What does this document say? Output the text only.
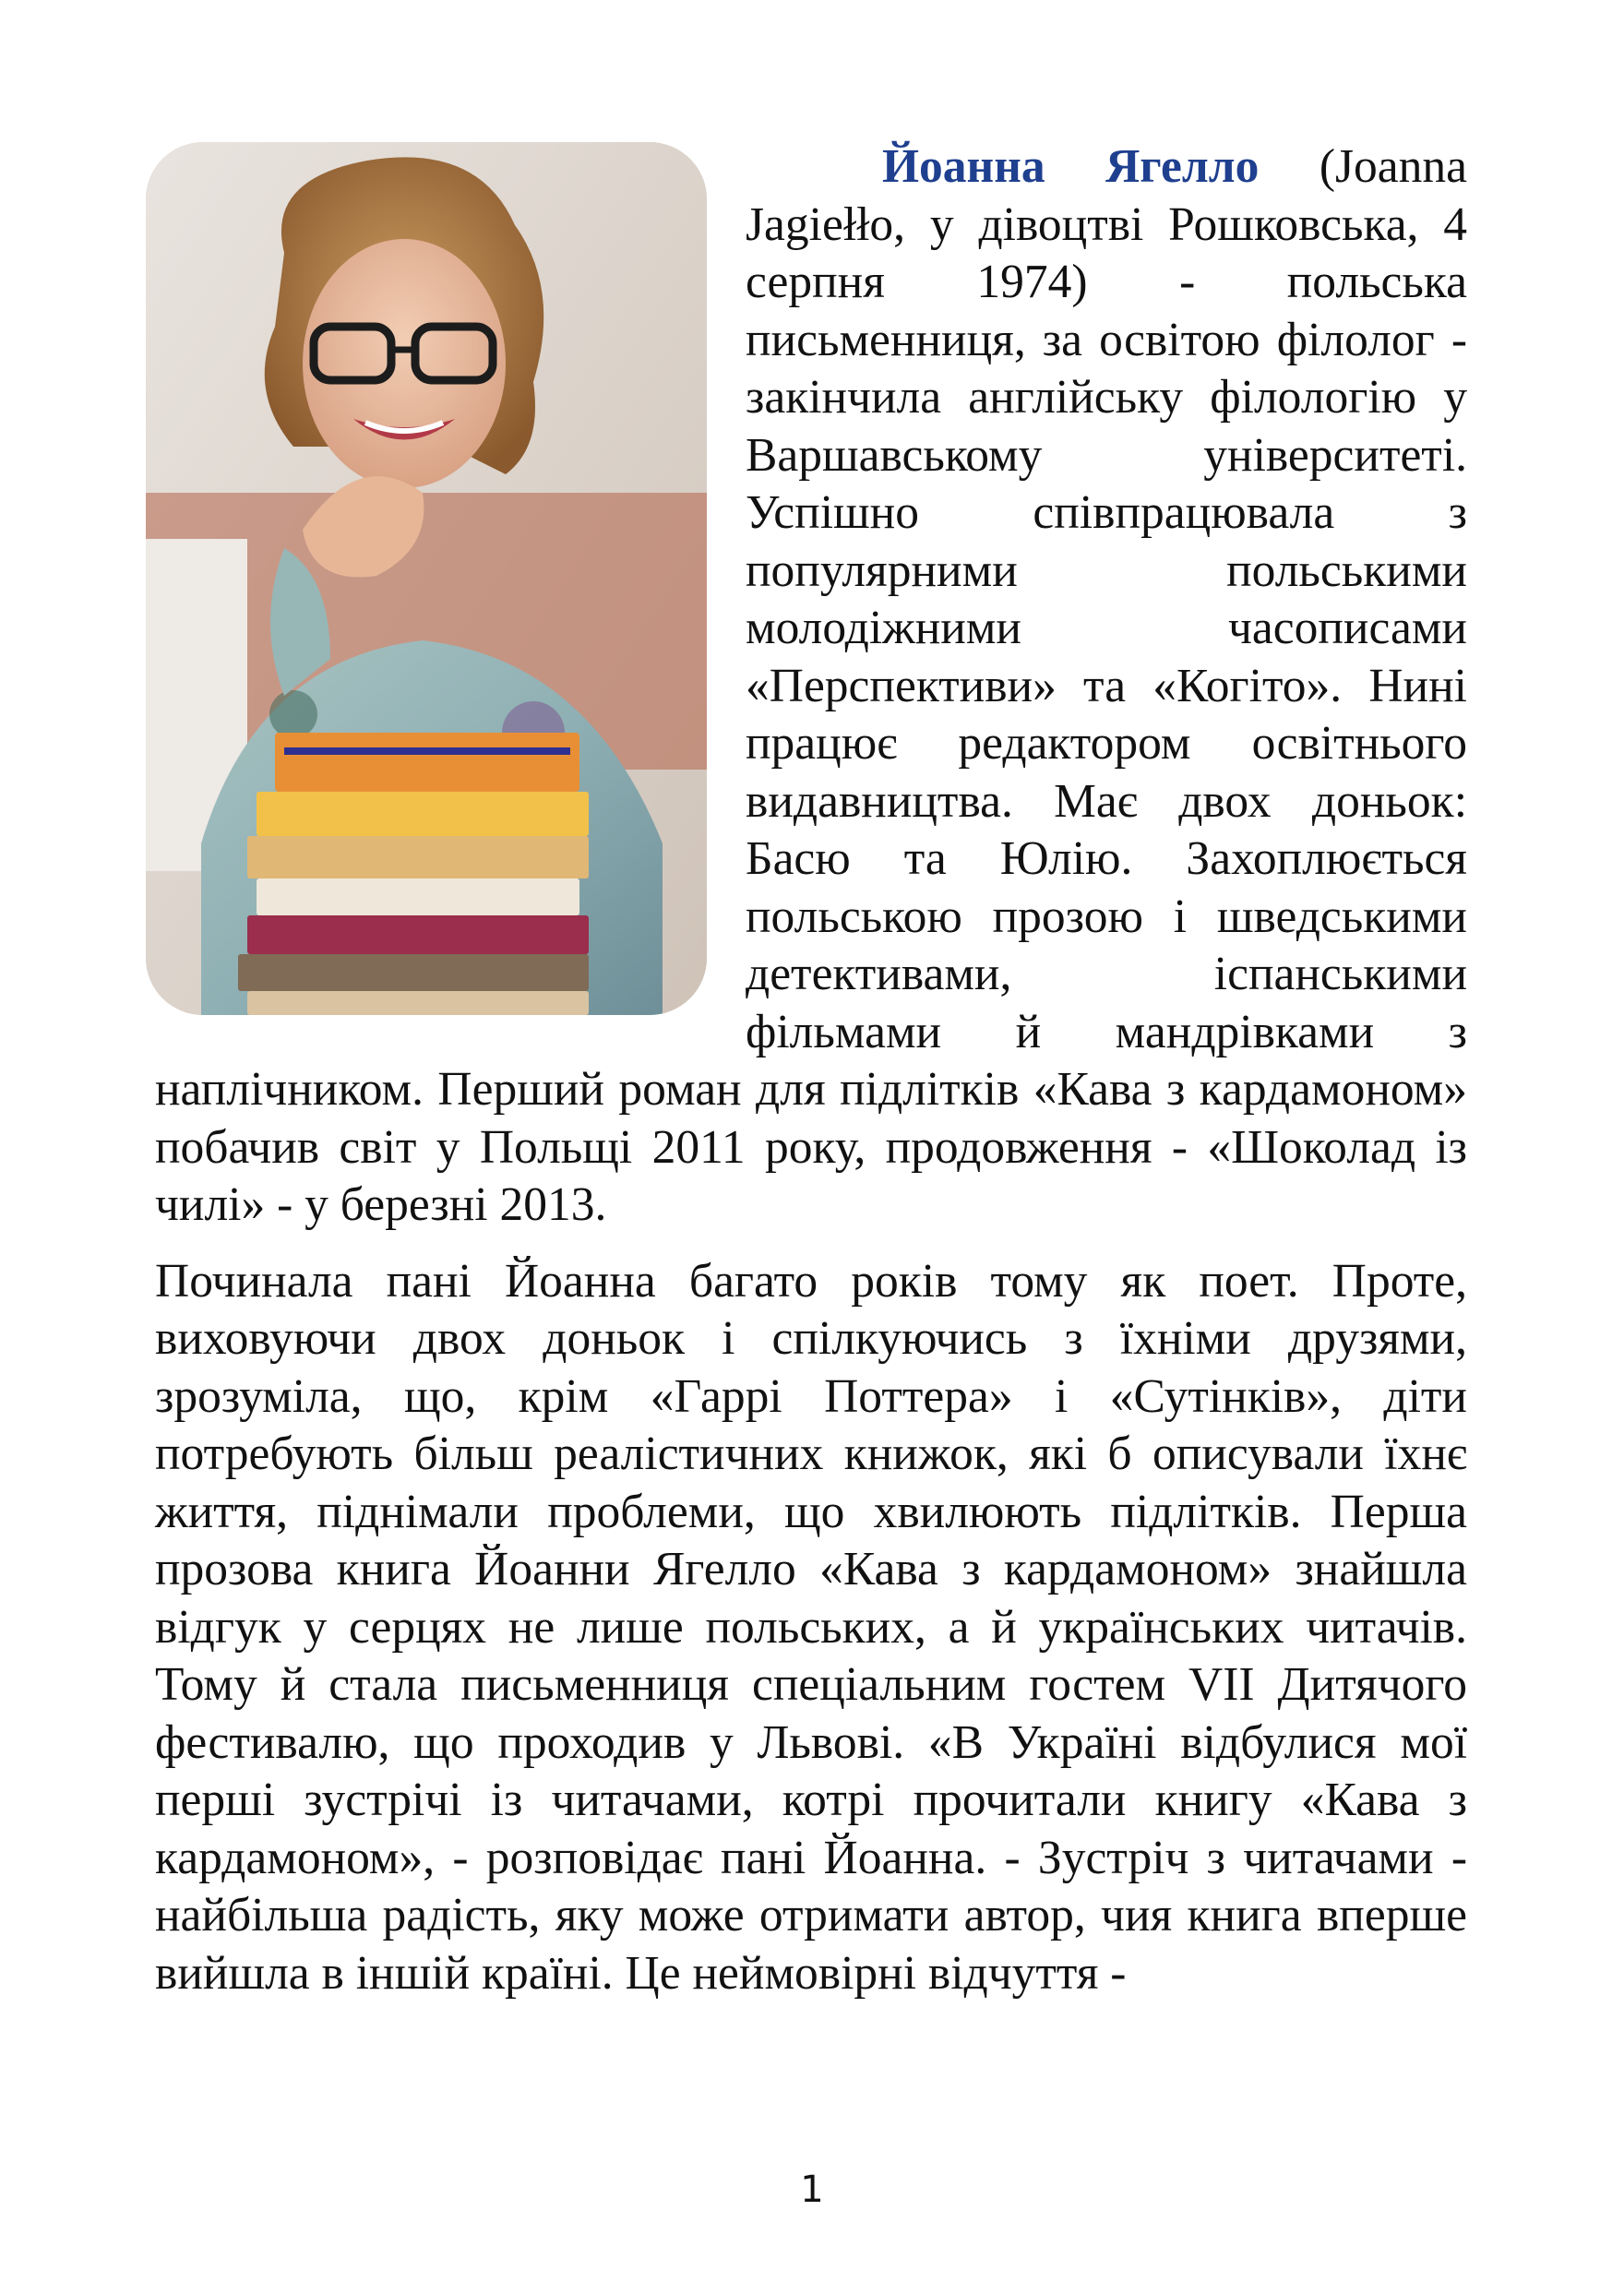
Йоанна Ягелло (Joanna Jagiełło, у дівоцтві Рошковська, 4 серпня 1974) - польська письменниця, за освітою філолог - закінчила англійську філологію у Варшавському університеті. Успішно співпрацювала з популярними польськими молодіжними часописами «Перспективи» та «Когіто». Нині працює редактором освітнього видавництва. Має двох доньок: Басю та Юлію. Захоплюється польською прозою і шведськими детективами, іспанськими фільмами й мандрівками з наплічником. Перший роман для підлітків «Кава з кардамоном» побачив світ у Польщі 2011 року, продовження - «Шоколад із чилі» - у березні 2013.

Починала пані Йоанна багато років тому як поет. Проте, виховуючи двох доньок і спілкуючись з їхніми друзями, зрозуміла, що, крім «Гаррі Поттера» і «Сутінків», діти потребують більш реалістичних книжок, які б описували їхнє життя, піднімали проблеми, що хвилюють підлітків. Перша прозова книга Йоанни Ягелло «Кава з кардамоном» знайшла відгук у серцях не лише польських, а й українських читачів. Тому й стала письменниця спеціальним гостем VII Дитячого фестивалю, що проходив у Львові. «В Україні відбулися мої перші зустрічі із читачами, котрі прочитали книгу «Кава з кардамоном», - розповідає пані Йоанна. - Зустріч з читачами - найбільша радість, яку може отримати автор, чия книга вперше вийшла в іншій країні. Це неймовірні відчуття -

1
